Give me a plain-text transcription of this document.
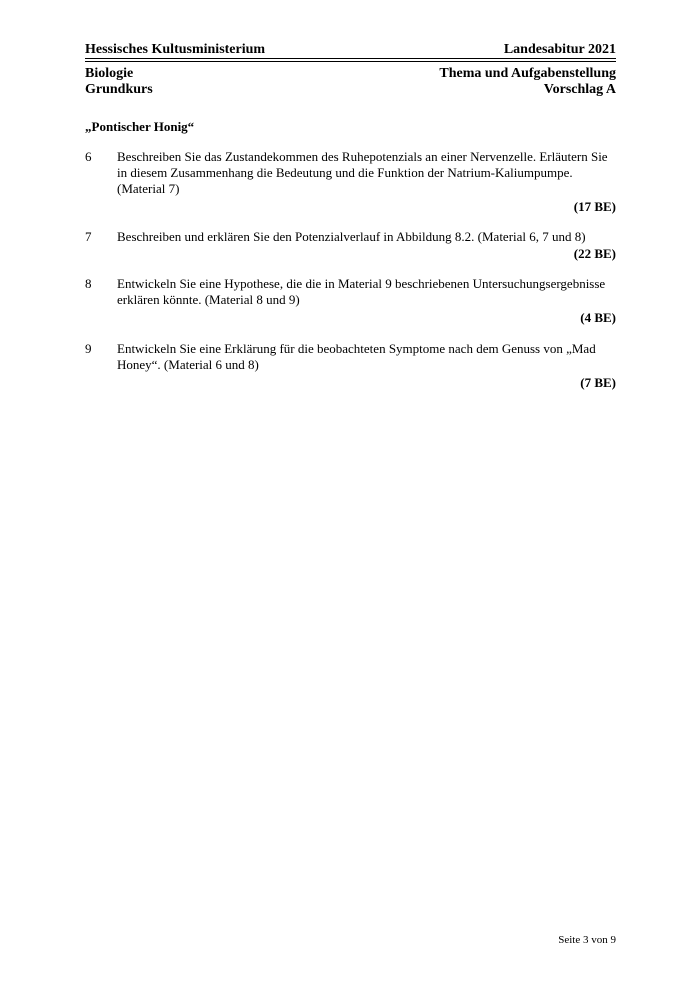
Hessisches Kultusministerium	Landesabitur 2021
Biologie	Thema und Aufgabenstellung
Grundkurs	Vorschlag A
„Pontischer Honig“
6 Beschreiben Sie das Zustandekommen des Ruhepotenzials an einer Nervenzelle. Erläutern Sie
in diesem Zusammenhang die Bedeutung und die Funktion der Natrium-Kaliumpumpe.
(Material 7)
(17 BE)
7 Beschreiben und erklären Sie den Potenzialverlauf in Abbildung 8.2. (Material 6, 7 und 8)
(22 BE)
8 Entwickeln Sie eine Hypothese, die die in Material 9 beschriebenen Untersuchungsergebnisse
erklären könnte. (Material 8 und 9)
(4 BE)
9 Entwickeln Sie eine Erklärung für die beobachteten Symptome nach dem Genuss von „Mad
Honey“. (Material 6 und 8)
(7 BE)
Seite 3 von 9
